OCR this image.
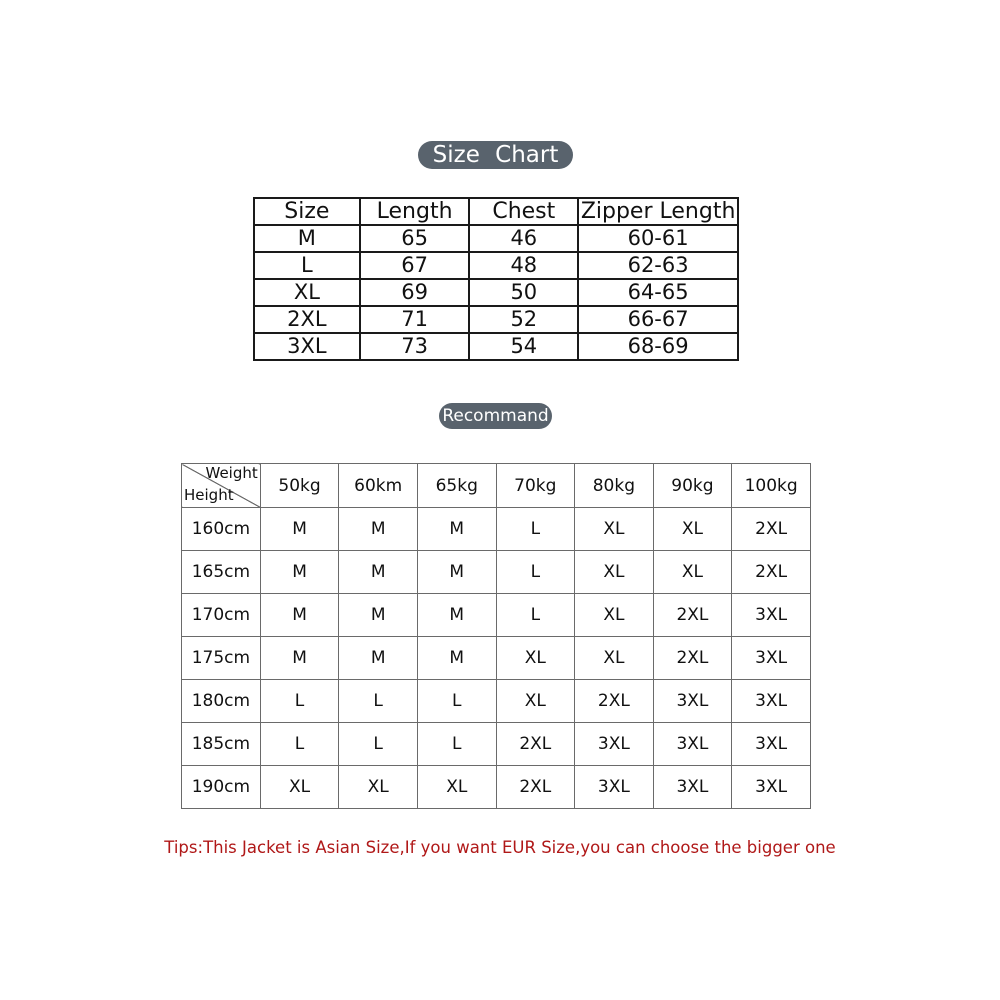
Size Chart
Size	Length	Chest	Zipper Length
M	65	46	60-61
L	67	48	62-63
XL	69	50	64-65
2XL	71	52	66-67
3XL	73	54	68-69
Recommand
Weight
Height	50kg	60km	65kg	70kg	80kg	90kg	100kg
160cm	M	M	M	L	XL	XL	2XL
165cm	M	M	M	L	XL	XL	2XL
170cm	M	M	M	L	XL	2XL	3XL
175cm	M	M	M	XL	XL	2XL	3XL
180cm	L	L	L	XL	2XL	3XL	3XL
185cm	L	L	L	2XL	3XL	3XL	3XL
190cm	XL	XL	XL	2XL	3XL	3XL	3XL
Tips:This Jacket is Asian Size,If you want EUR Size,you can choose the bigger one
